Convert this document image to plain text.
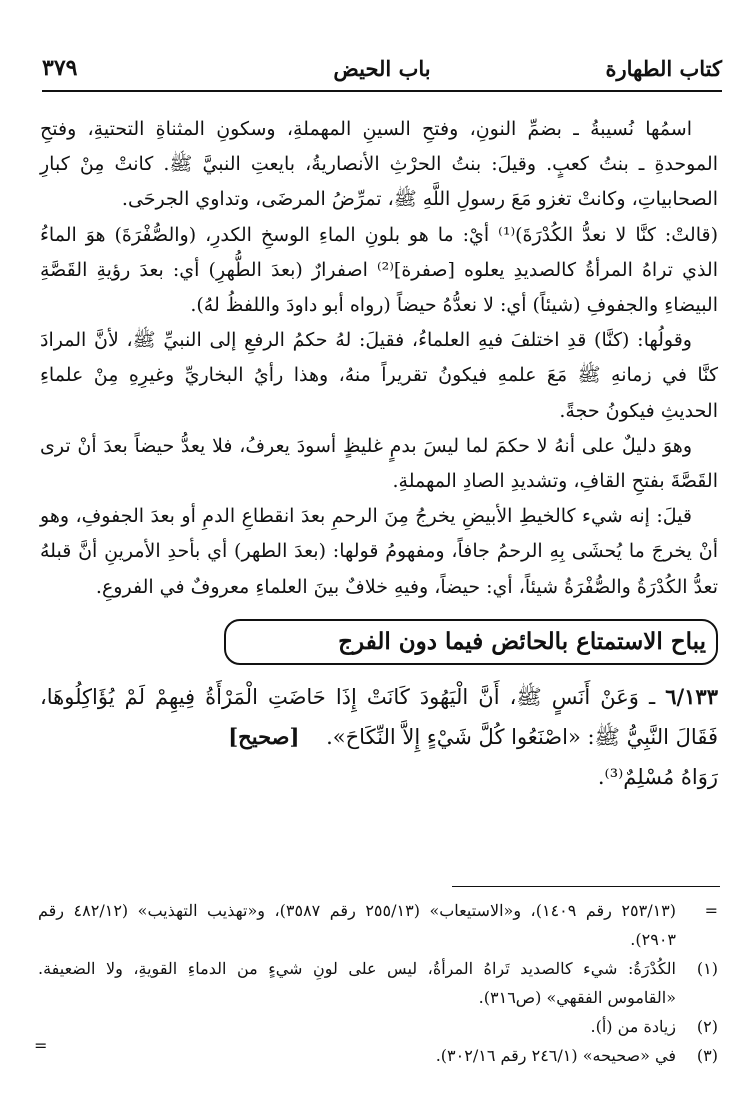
كتاب الطهارة
باب الحيض
٣٧٩

اسمُها نُسيبةُ ـ بضمِّ النونِ، وفتحِ السينِ المهملةِ، وسكونِ المثناةِ التحتيةِ، وفتحِ الموحدةِ ـ بنتُ كعبٍ. وقيلَ: بنتُ الحرْثِ الأنصاريةُ، بايعتِ النبيَّ ﷺ. كانتْ مِنْ كبارِ الصحابياتِ، وكانتْ تغزو مَعَ رسولِ اللَّهِ ﷺ، تمرِّضُ المرضَى، وتداوي الجرحَى.

(قالتْ: كنَّا لا نعدُّ الكُدْرَةَ)⁽¹⁾ أيْ: ما هو بلونِ الماءِ الوسخِ الكدرِ، (والصُّفْرَةَ) هوَ الماءُ الذي تراهُ المرأةُ كالصديدِ يعلوه [صفرة]⁽²⁾ اصفرارٌ (بعدَ الطُّهرِ) أي: بعدَ رؤيةِ القَصَّةِ البيضاءِ والجفوفِ (شيئاً) أي: لا نعدُّهُ حيضاً (رواه أبو داودَ واللفظُ لهُ).

وقولُها: (كنَّا) قدِ اختلفَ فيهِ العلماءُ، فقيلَ: لهُ حكمُ الرفعِ إلى النبيِّ ﷺ، لأنَّ المرادَ كنَّا في زمانهِ ﷺ مَعَ علمهِ فيكونُ تقريراً منهُ، وهذا رأيُ البخاريِّ وغيرِهِ مِنْ علماءِ الحديثِ فيكونُ حجةً.

وهوَ دليلٌ على أنهُ لا حكمَ لما ليسَ بدمٍ غليظٍ أسودَ يعرفُ، فلا يعدُّ حيضاً بعدَ أنْ ترى القَصَّةَ بفتحِ القافِ، وتشديدِ الصادِ المهملةِ.

قيلَ: إنه شيء كالخيطِ الأبيضِ يخرجُ مِنَ الرحمِ بعدَ انقطاعِ الدمِ أو بعدَ الجفوفِ، وهو أنْ يخرجَ ما يُحشَى بِهِ الرحمُ جافاً، ومفهومُ قولها: (بعدَ الطهر) أي بأحدِ الأمرينِ أنَّ قبلهُ تعدُّ الكُدْرَةُ والصُّفْرَةُ شيئاً، أي: حيضاً، وفيهِ خلافٌ بينَ العلماءِ معروفٌ في الفروعِ.

يباح الاستمتاع بالحائض فيما دون الفرج

٦/١٣٣ ـ وَعَنْ أَنَسٍ ﷺ، أَنَّ الْيَهُودَ كَانَتْ إِذَا حَاضَتِ الْمَرْأَةُ فِيهِمْ لَمْ يُؤَاكِلُوهَا، فَقَالَ النَّبِيُّ ﷺ: «اصْنَعُوا كُلَّ شَيْءٍ إِلاَّ النِّكَاحَ».    [صحيح]
رَوَاهُ مُسْلِمٌ⁽³⁾.

=
(٢٥٣/١٣ رقم ١٤٠٩)، و«الاستيعاب» (٢٥٥/١٣ رقم ٣٥٨٧)، و«تهذيب التهذيب» (٤٨٢/١٢ رقم ٢٩٠٣).
(١)
الكُدْرَةُ: شيء كالصديد تَراهُ المرأةُ، ليس على لونِ شيءٍ من الدماءِ القويةِ، ولا الضعيفة. «القاموس الفقهي» (ص٣١٦).
(٢)
زيادة من (أ).
(٣)
في «صحيحه» (٢٤٦/١ رقم ٣٠٢/١٦).
=
